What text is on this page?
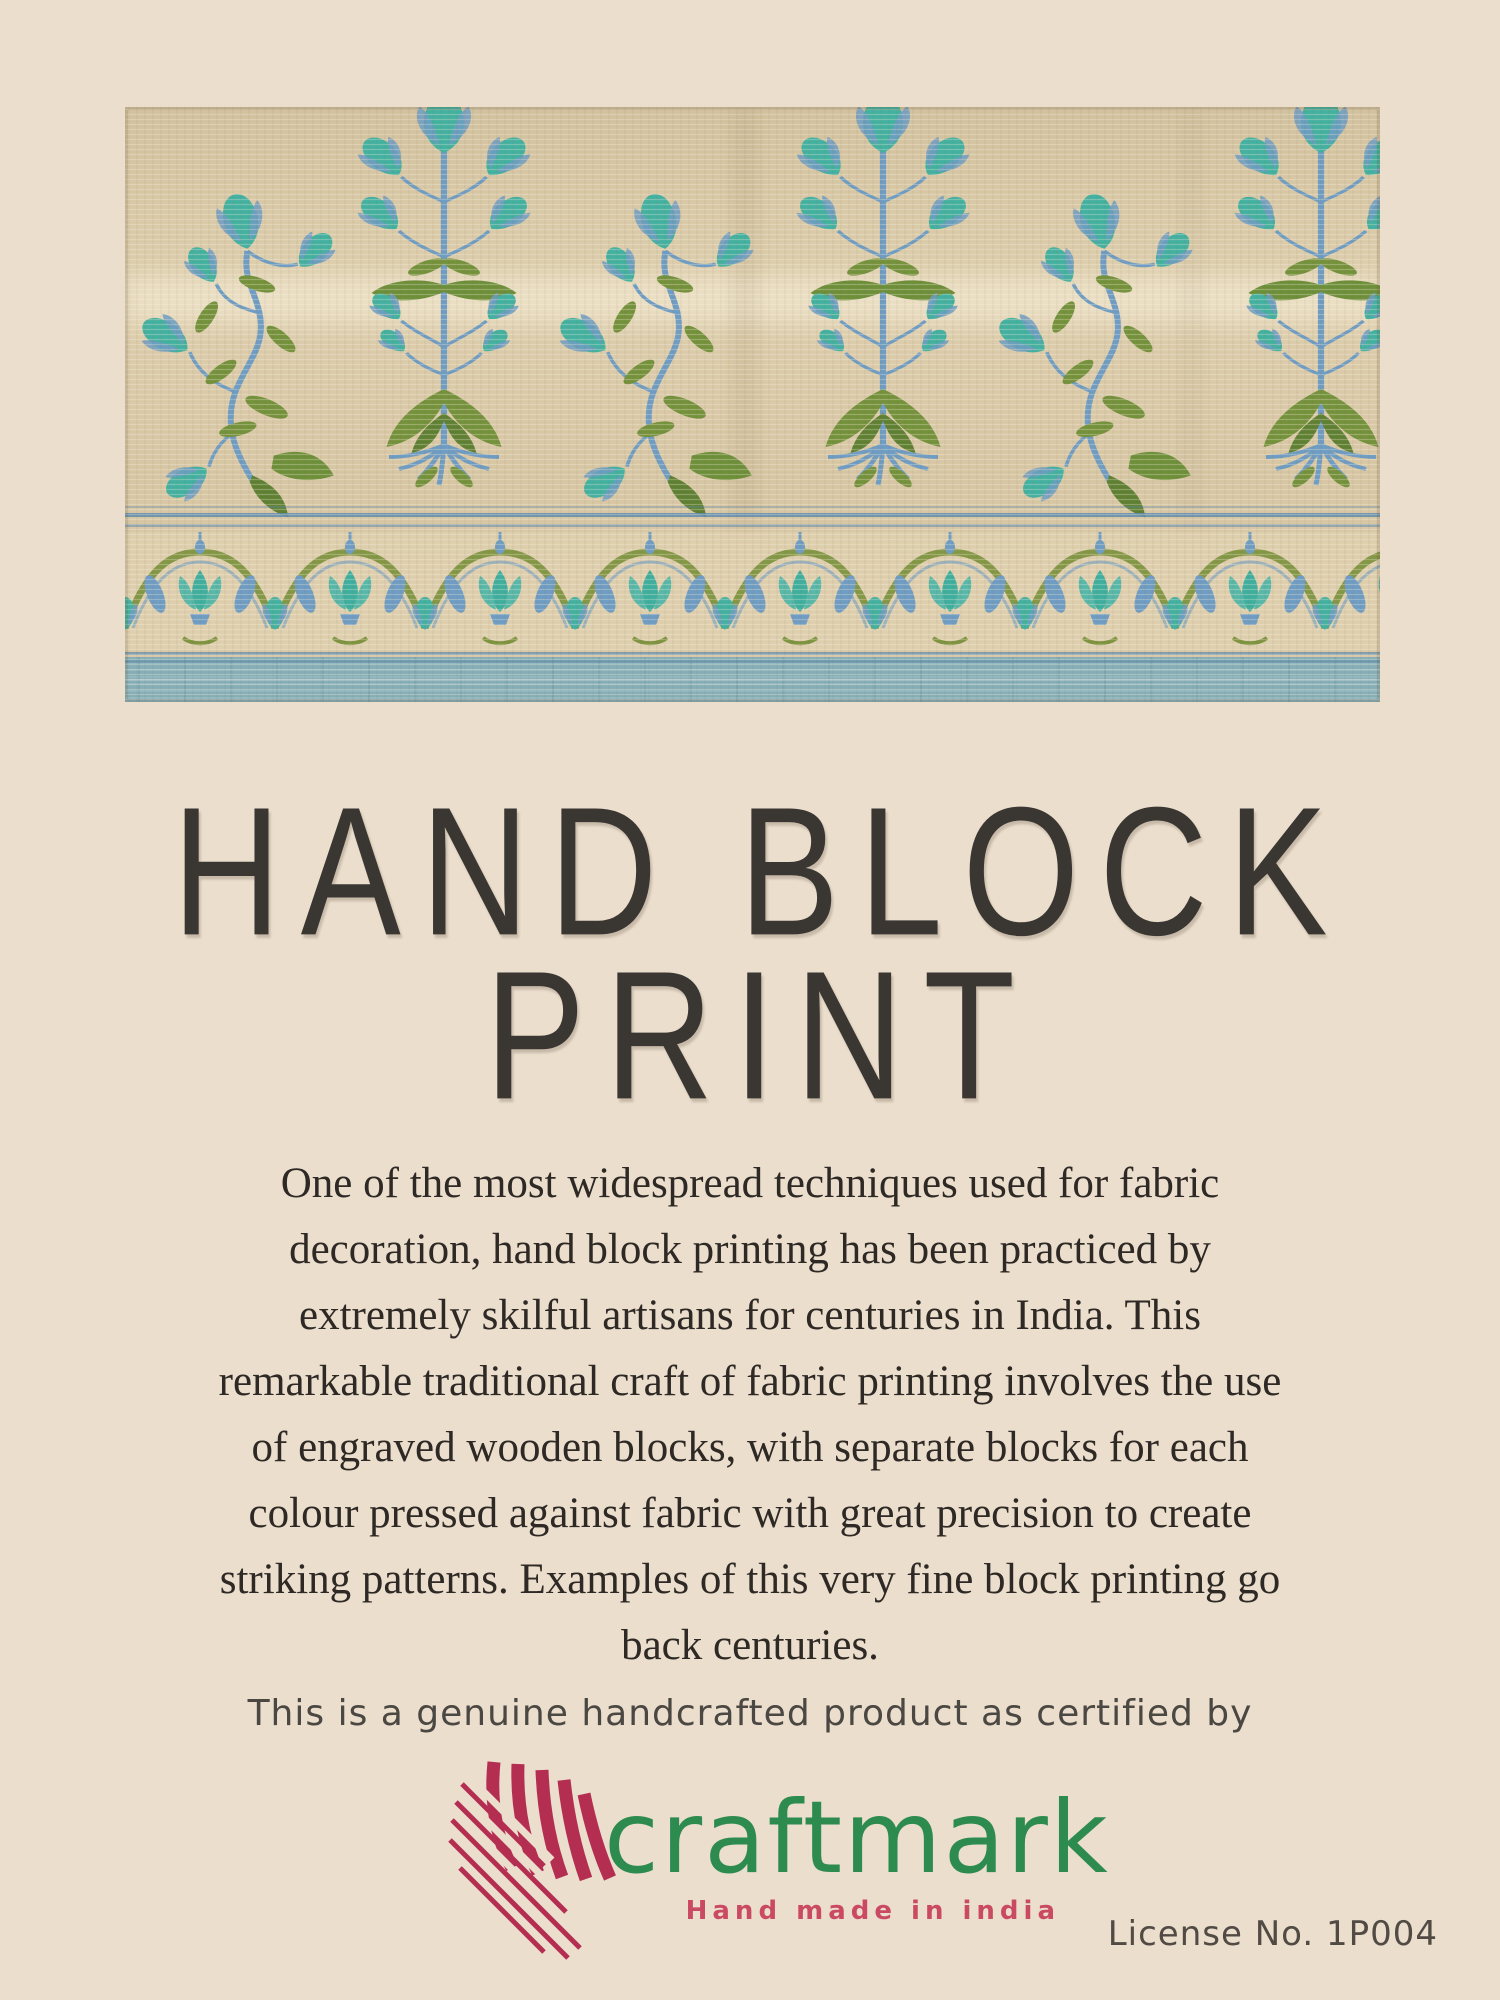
HAND BLOCK
PRINT
One of the most widespread techniques used for fabric
decoration, hand block printing has been practiced by
extremely skilful artisans for centuries in India. This
remarkable traditional craft of fabric printing involves the use
of engraved wooden blocks, with separate blocks for each
colour pressed against fabric with great precision to create
striking patterns. Examples of this very fine block printing go
back centuries.
This is a genuine handcrafted product as certified by
craftmark
Hand made in india
License No. 1P004
